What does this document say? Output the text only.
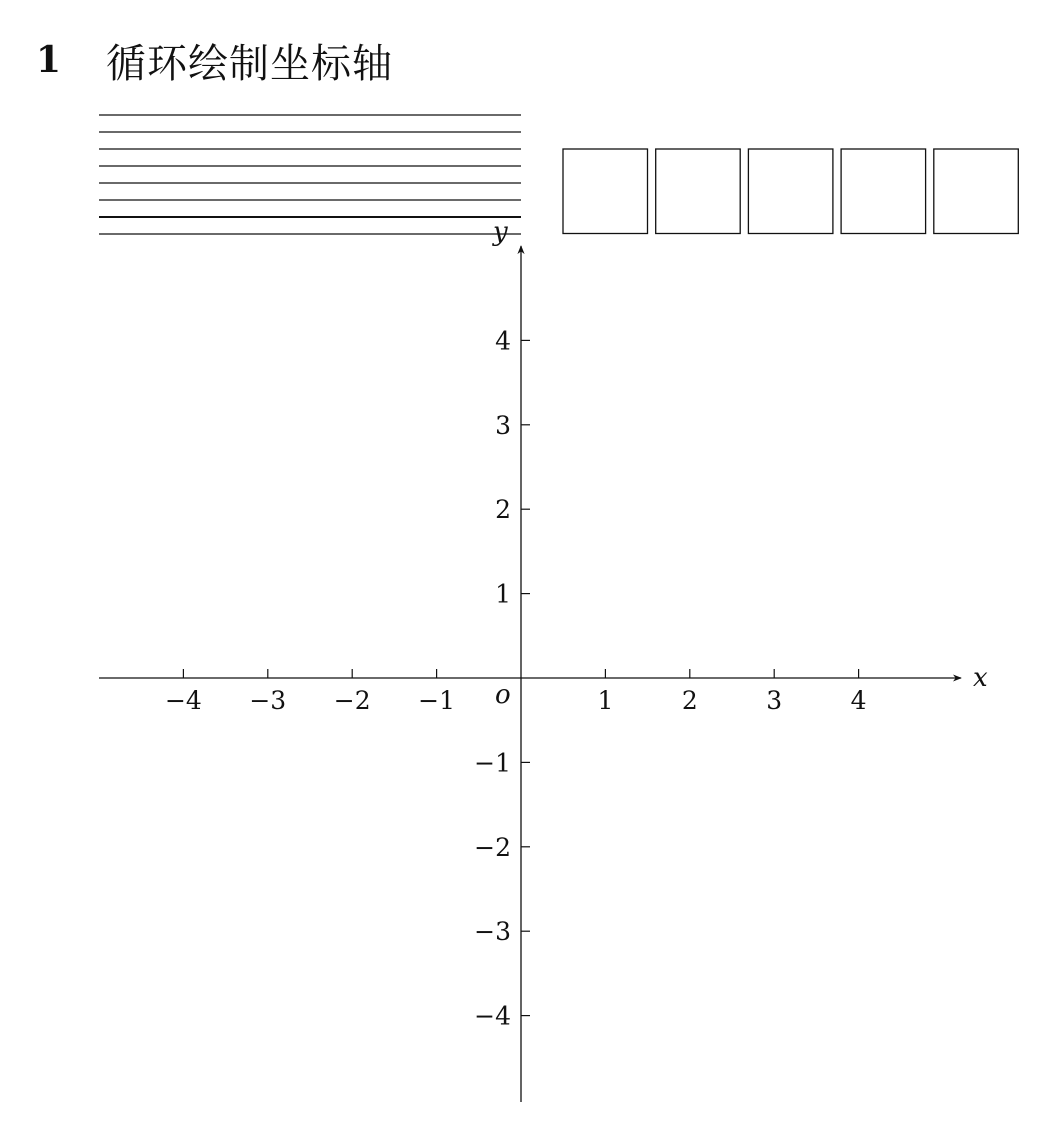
1	循环绘制坐标轴
−4 −3 −2 −1	1	2	3	4
−4
−3
−2
−1
1
2
3
4
x
y
o
